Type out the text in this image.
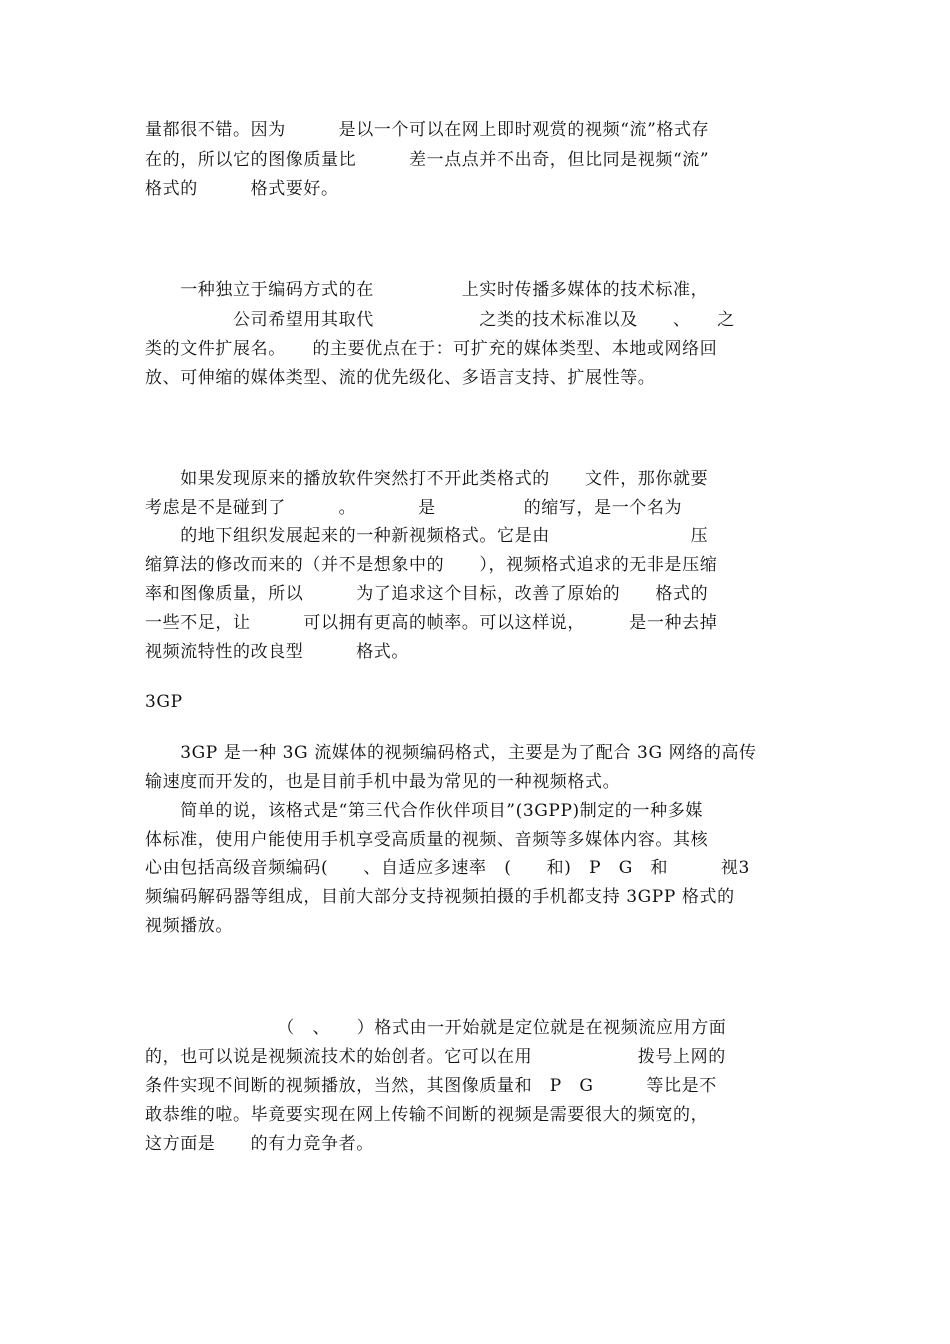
量都很不错。因为　　　是以一个可以在网上即时观赏的视频“流”格式存
在的，所以它的图像质量比　　　差一点点并不出奇，但比同是视频“流”
格式的　　　格式要好。
　　一种独立于编码方式的在　　　　　上实时传播多媒体的技术标准，
　　　　　公司希望用其取代　　　　　　之类的技术标准以及　　、　　之
类的文件扩展名。　　的主要优点在于：可扩充的媒体类型、本地或网络回
放、可伸缩的媒体类型、流的优先级化、多语言支持、扩展性等。
　　如果发现原来的播放软件突然打不开此类格式的　　文件，那你就要
考虑是不是碰到了　　　。　　　　是　　　　　的缩写，是一个名为
　　的地下组织发展起来的一种新视频格式。它是由　　　　　　　　压
缩算法的修改而来的（并不是想象中的　　），视频格式追求的无非是压缩
率和图像质量，所以　　　为了追求这个目标，改善了原始的　　格式的
一些不足，让　　　可以拥有更高的帧率。可以这样说，　　　是一种去掉
视频流特性的改良型　　　格式。
3GP
　　3GP 是一种 3G 流媒体的视频编码格式，主要是为了配合 3G 网络的高传
输速度而开发的，也是目前手机中最为常见的一种视频格式。
　　简单的说，该格式是“第三代合作伙伴项目”(3GPP)制定的一种多媒
体标准，使用户能使用手机享受高质量的视频、音频等多媒体内容。其核
心由包括高级音频编码(　　、自适应多速率　(　　和)　P　G　和　　　视3
频编码解码器等组成，目前大部分支持视频拍摄的手机都支持 3GPP 格式的
视频播放。
　　　　　　　　（　、　　）格式由一开始就是定位就是在视频流应用方面
的，也可以说是视频流技术的始创者。它可以在用　　　　　　拨号上网的
条件实现不间断的视频播放，当然，其图像质量和　P　G　　　等比是不
敢恭维的啦。毕竟要实现在网上传输不间断的视频是需要很大的频宽的，
这方面是　　的有力竞争者。
